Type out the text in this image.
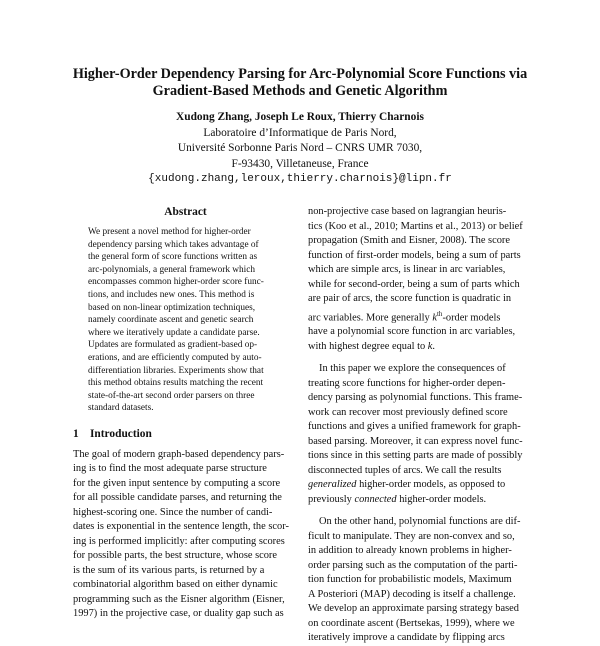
Higher-Order Dependency Parsing for Arc-Polynomial Score Functions via
Gradient-Based Methods and Genetic Algorithm
Xudong Zhang, Joseph Le Roux, Thierry Charnois
Laboratoire d’Informatique de Paris Nord,
Université Sorbonne Paris Nord – CNRS UMR 7030,
F-93430, Villetaneuse, France
{xudong.zhang,leroux,thierry.charnois}@lipn.fr
Abstract
We present a novel method for higher-order
dependency parsing which takes advantage of
the general form of score functions written as
arc-polynomials, a general framework which
encompasses common higher-order score func-
tions, and includes new ones. This method is
based on non-linear optimization techniques,
namely coordinate ascent and genetic search
where we iteratively update a candidate parse.
Updates are formulated as gradient-based op-
erations, and are efficiently computed by auto-
differentiation libraries. Experiments show that
this method obtains results matching the recent
state-of-the-art second order parsers on three
standard datasets.
1 Introduction
The goal of modern graph-based dependency pars-
ing is to find the most adequate parse structure
for the given input sentence by computing a score
for all possible candidate parses, and returning the
highest-scoring one. Since the number of candi-
dates is exponential in the sentence length, the scor-
ing is performed implicitly: after computing scores
for possible parts, the best structure, whose score
is the sum of its various parts, is returned by a
combinatorial algorithm based on either dynamic
programming such as the Eisner algorithm (Eisner,
1997) in the projective case, or duality gap such as
non-projective case based on lagrangian heuris-
tics (Koo et al., 2010; Martins et al., 2013) or belief
propagation (Smith and Eisner, 2008). The score
function of first-order models, being a sum of parts
which are simple arcs, is linear in arc variables,
while for second-order, being a sum of parts which
are pair of arcs, the score function is quadratic in
arc variables. More generally $k^{th}$-order models
have a polynomial score function in arc variables,
with highest degree equal to k.
In this paper we explore the consequences of
treating score functions for higher-order depen-
dency parsing as polynomial functions. This frame-
work can recover most previously defined score
functions and gives a unified framework for graph-
based parsing. Moreover, it can express novel func-
tions since in this setting parts are made of possibly
disconnected tuples of arcs. We call the results
generalized higher-order models, as opposed to
previously connected higher-order models.
On the other hand, polynomial functions are dif-
ficult to manipulate. They are non-convex and so,
in addition to already known problems in higher-
order parsing such as the computation of the parti-
tion function for probabilistic models, Maximum
A Posteriori (MAP) decoding is itself a challenge.
We develop an approximate parsing strategy based
on coordinate ascent (Bertsekas, 1999), where we
iteratively improve a candidate by flipping arcs
